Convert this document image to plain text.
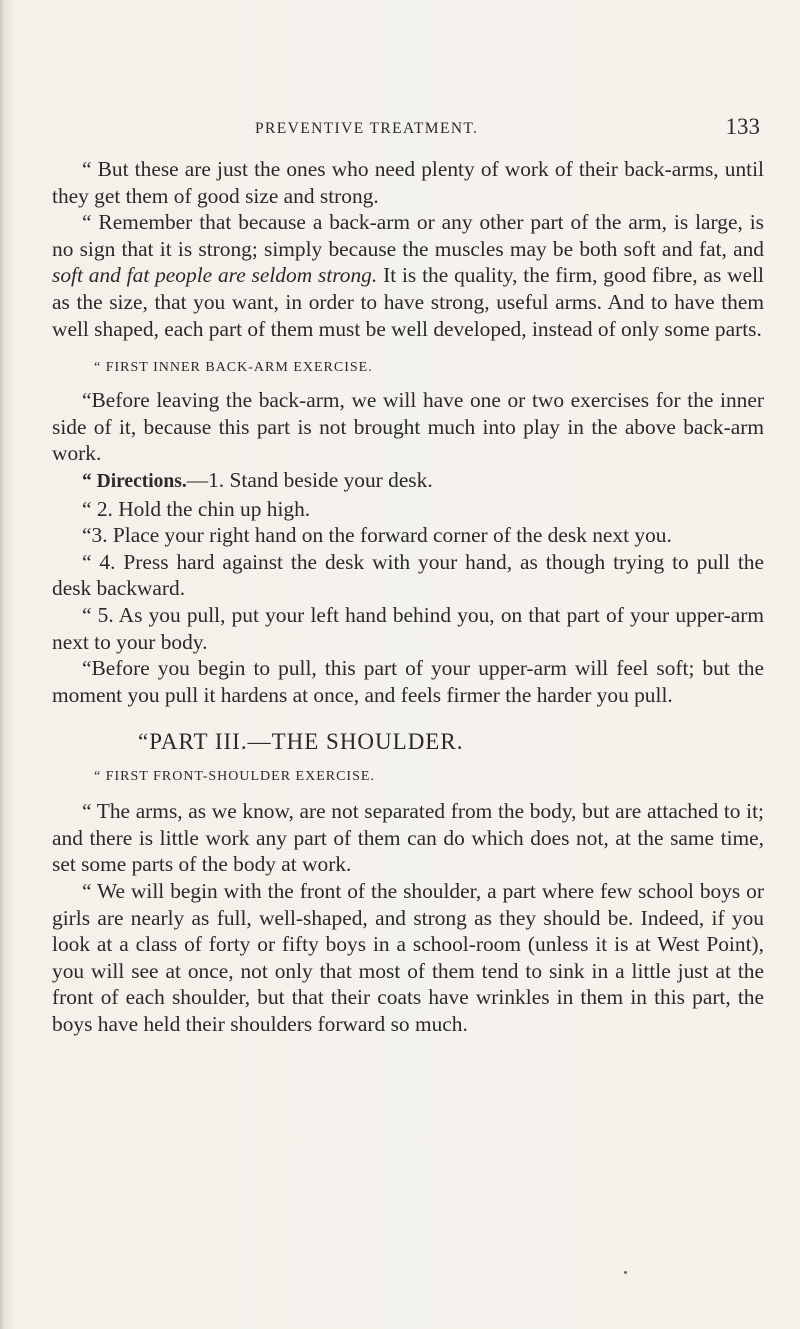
PREVENTIVE TREATMENT.	133

“ But these are just the ones who need plenty of work of their back-arms, until they get them of good size and strong.

“ Remember that because a back-arm or any other part of the arm, is large, is no sign that it is strong; simply because the muscles may be both soft and fat, and soft and fat people are seldom strong. It is the quality, the firm, good fibre, as well as the size, that you want, in order to have strong, useful arms. And to have them well shaped, each part of them must be well developed, instead of only some parts.

“ FIRST INNER BACK-ARM EXERCISE.

“Before leaving the back-arm, we will have one or two exercises for the inner side of it, because this part is not brought much into play in the above back-arm work.

“ Directions.—1. Stand beside your desk.

“ 2. Hold the chin up high.

“3. Place your right hand on the forward corner of the desk next you.

“ 4. Press hard against the desk with your hand, as though trying to pull the desk backward.

“ 5. As you pull, put your left hand behind you, on that part of your upper-arm next to your body.

“Before you begin to pull, this part of your upper-arm will feel soft; but the moment you pull it hardens at once, and feels firmer the harder you pull.

“PART III.—THE SHOULDER.

“ FIRST FRONT-SHOULDER EXERCISE.

“ The arms, as we know, are not separated from the body, but are attached to it; and there is little work any part of them can do which does not, at the same time, set some parts of the body at work.

“ We will begin with the front of the shoulder, a part where few school boys or girls are nearly as full, well-shaped, and strong as they should be. Indeed, if you look at a class of forty or fifty boys in a school-room (unless it is at West Point), you will see at once, not only that most of them tend to sink in a little just at the front of each shoulder, but that their coats have wrinkles in them in this part, the boys have held their shoulders forward so much.
